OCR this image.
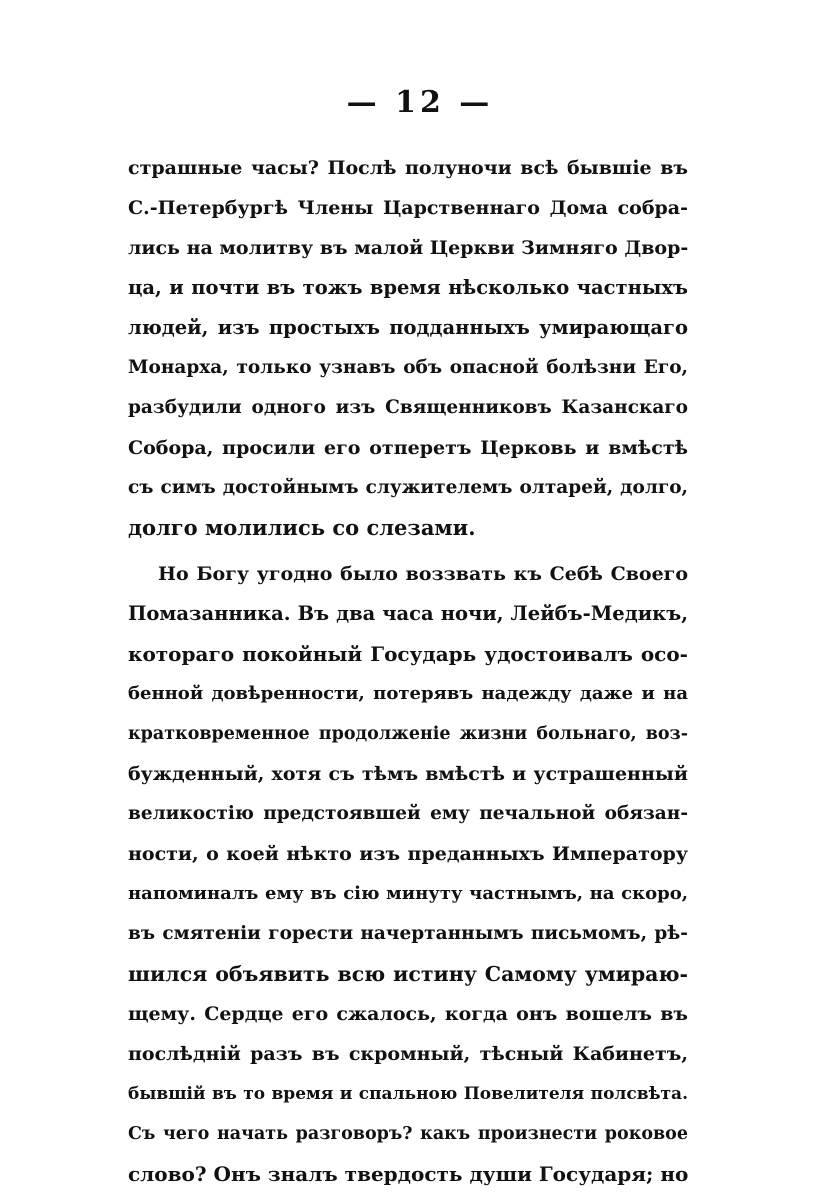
— 12 —
страшные часы? Послѣ полуночи всѣ бывшіе въ
С.-Петербургѣ Члены Царственнаго Дома собра-
лись на молитву въ малой Церкви Зимняго Двор-
ца, и почти въ тожъ время нѣсколько частныхъ
людей, изъ простыхъ подданныхъ умирающаго
Монарха, только узнавъ объ опасной болѣзни Его,
разбудили одного изъ Священниковъ Казанскаго
Собора, просили его отперетъ Церковь и вмѣстѣ
съ симъ достойнымъ служителемъ олтарей, долго,
долго молились со слезами.
Но Богу угодно было воззвать къ Себѣ Своего
Помазанника. Въ два часа ночи, Лейбъ-Медикъ,
котораго покойный Государь удостоивалъ осо-
бенной довѣренности, потерявъ надежду даже и на
кратковременное продолженіе жизни больнаго, воз-
бужденный, хотя съ тѣмъ вмѣстѣ и устрашенный
великостію предстоявшей ему печальной обязан-
ности, о коей нѣкто изъ преданныхъ Императору
напоминалъ ему въ сію минуту частнымъ, на скоро,
въ смятеніи горести начертаннымъ письмомъ, рѣ-
шился объявить всю истину Самому умираю-
щему. Сердце его сжалось, когда онъ вошелъ въ
послѣдній разъ въ скромный, тѣсный Кабинетъ,
бывшій въ то время и спальною Повелителя полсвѣта.
Съ чего начать разговоръ? какъ произнести роковое
слово? Онъ зналъ твердость души Государя; но
